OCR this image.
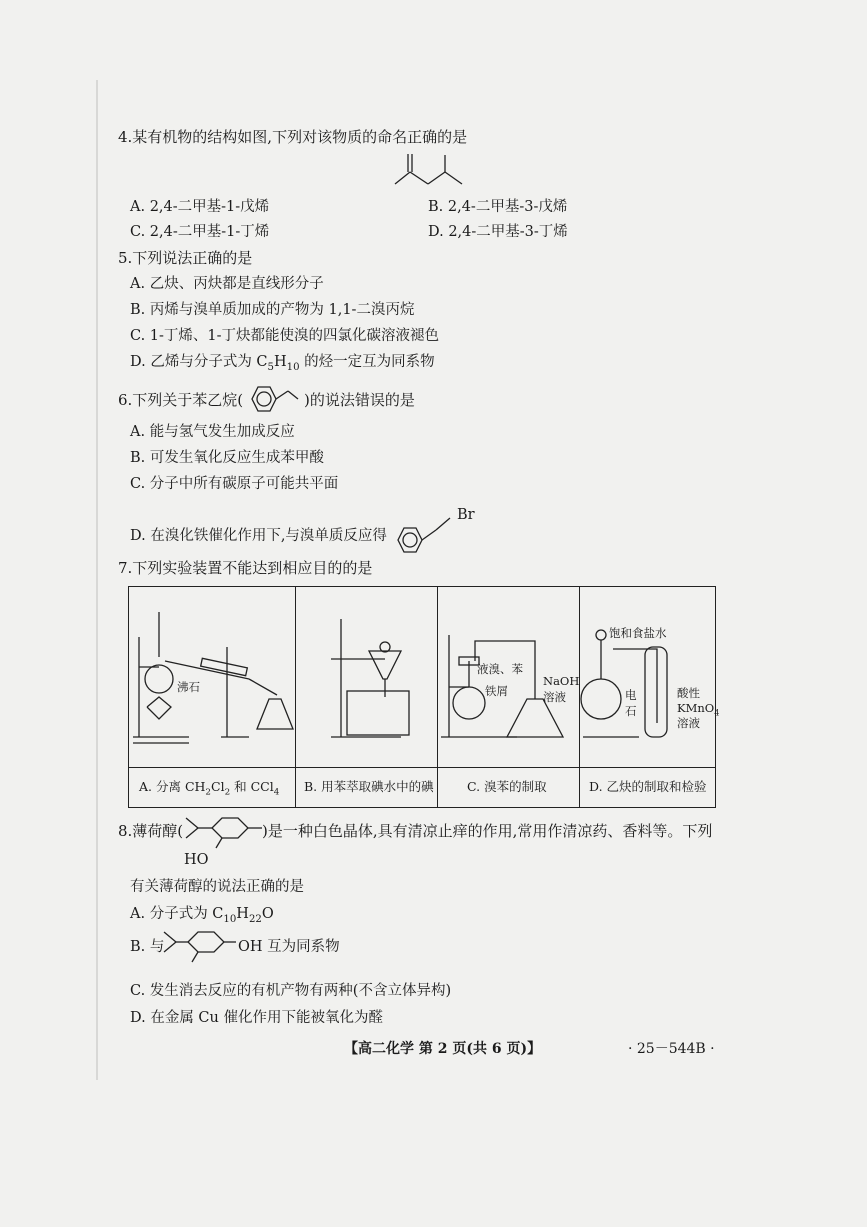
4.某有机物的结构如图,下列对该物质的命名正确的是
A. 2,4-二甲基-1-戊烯	B. 2,4-二甲基-3-戊烯
C. 2,4-二甲基-1-丁烯	D. 2,4-二甲基-3-丁烯
5.下列说法正确的是
A. 乙炔、丙炔都是直线形分子
B. 丙烯与溴单质加成的产物为 1,1-二溴丙烷
C. 1-丁烯、1-丁炔都能使溴的四氯化碳溶液褪色
D. 乙烯与分子式为 $C_5H_{10}$ 的烃一定互为同系物
6.下列关于苯乙烷(	)的说法错误的是
A. 能与氢气发生加成反应
B. 可发生氧化反应生成苯甲酸
C. 分子中所有碳原子可能共平面
D. 在溴化铁催化作用下,与溴单质反应得
Br
7.下列实验装置不能达到相应目的的是
沸石
液溴、苯
铁屑
NaOH
溶液
饱和食盐水
电
石
酸性
KMnO$_4$
溶液
A. 分离 $CH_2Cl_2$ 和 CCl$_4$ B. 用苯萃取碘水中的碘	C. 溴苯的制取	D. 乙炔的制取和检验
8.薄荷醇(
HO
)是一种白色晶体,具有清凉止痒的作用,常用作清凉药、香料等。下列
有关薄荷醇的说法正确的是
A. 分子式为 $C_{10}H_{22}O$
B. 与	OH 互为同系物
C. 发生消去反应的有机产物有两种(不含立体异构)
D. 在金属 Cu 催化作用下能被氧化为醛
【高二化学 第 2 页(共 6 页)】	· 25－544B ·
